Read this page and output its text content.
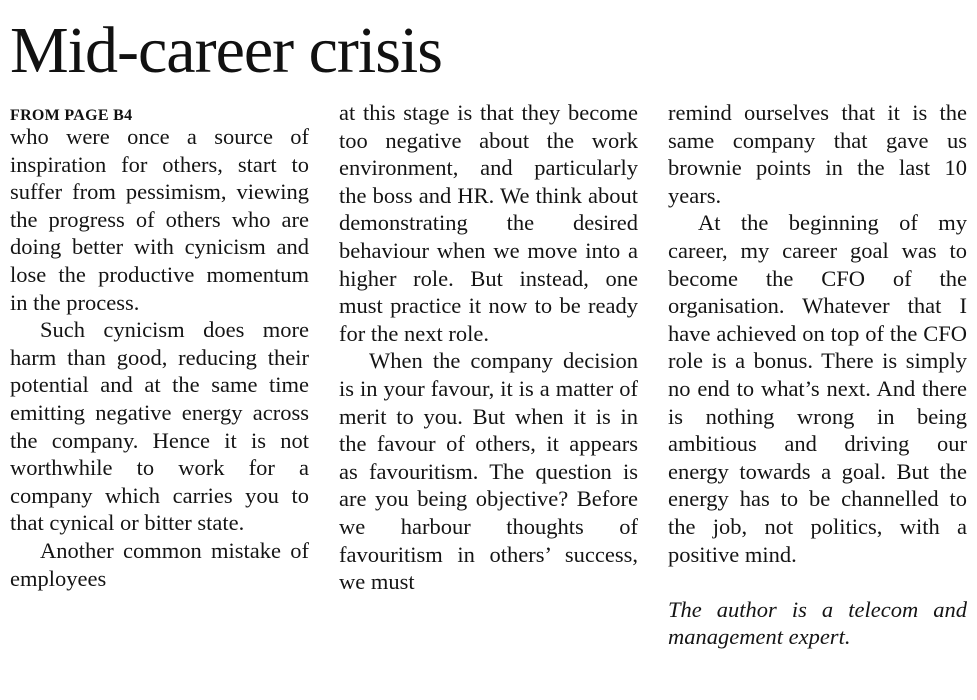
Mid-career crisis
FROM PAGE B4

who were once a source of inspiration for others, start to suffer from pessimism, viewing the progress of others who are doing better with cynicism and lose the productive momentum in the process.

Such cynicism does more harm than good, reducing their potential and at the same time emitting negative energy across the company. Hence it is not worthwhile to work for a company which carries you to that cynical or bitter state.

Another common mistake of employees

at this stage is that they become too negative about the work environment, and particularly the boss and HR. We think about demonstrating the desired behaviour when we move into a higher role. But instead, one must practice it now to be ready for the next role.

When the company decision is in your favour, it is a matter of merit to you. But when it is in the favour of others, it appears as favouritism. The question is are you being objective? Before we harbour thoughts of favouritism in others’ success, we must

remind ourselves that it is the same company that gave us brownie points in the last 10 years.

At the beginning of my career, my career goal was to become the CFO of the organisation. Whatever that I have achieved on top of the CFO role is a bonus. There is simply no end to what’s next. And there is nothing wrong in being ambitious and driving our energy towards a goal. But the energy has to be channelled to the job, not politics, with a positive mind.

The author is a telecom and management expert.
